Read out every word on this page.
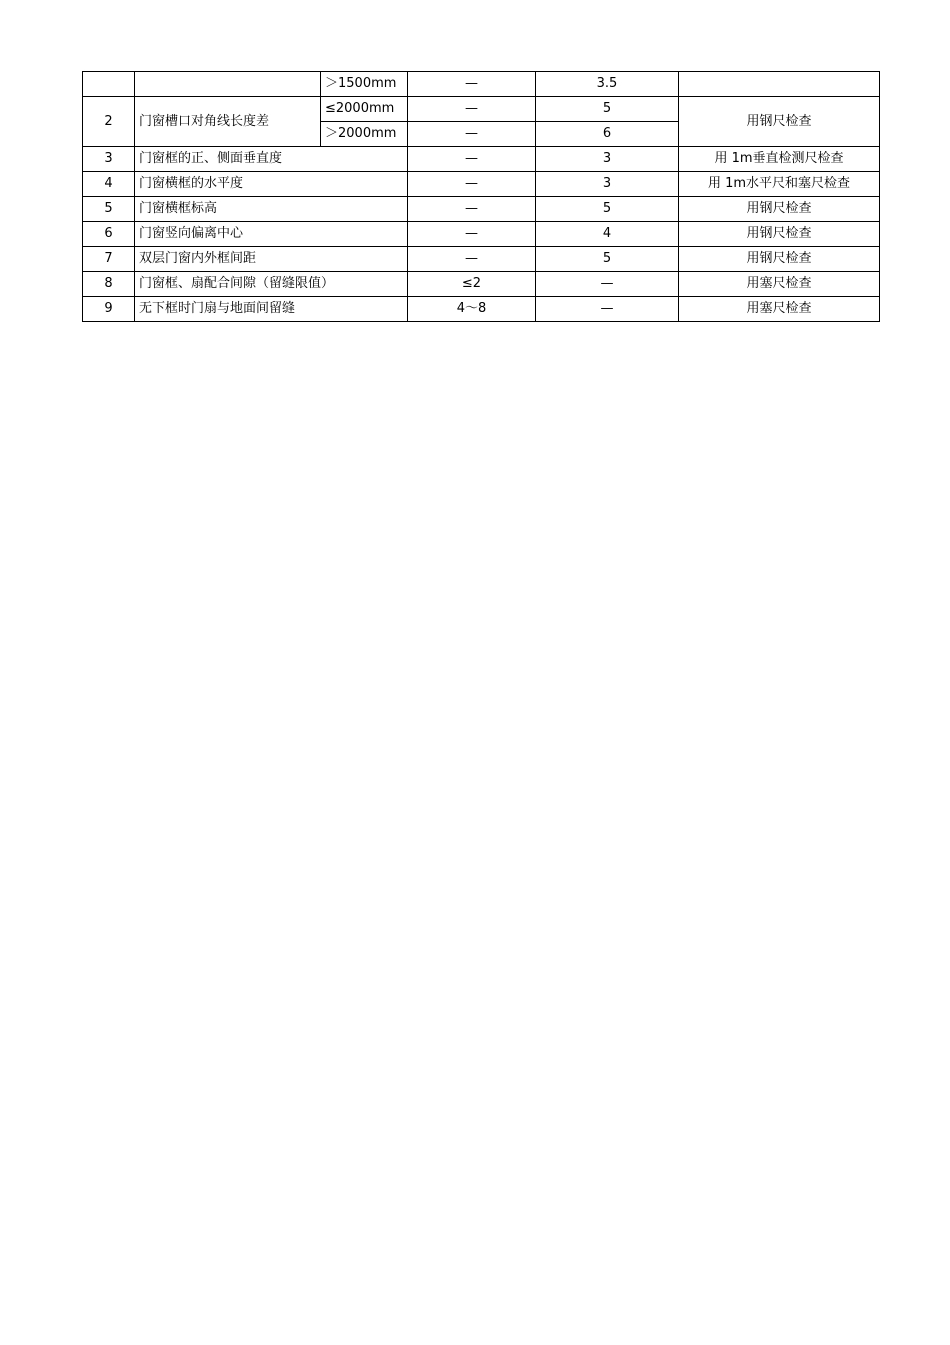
		＞1500mm	—	3.5	
2	门窗槽口对角线长度差	≤2000mm	—	5	用钢尺检查
		＞2000mm	—	6	
3	门窗框的正、侧面垂直度		—	3	用 1m垂直检测尺检查
4	门窗横框的水平度		—	3	用 1m水平尺和塞尺检查
5	门窗横框标高		—	5	用钢尺检查
6	门窗竖向偏离中心		—	4	用钢尺检查
7	双层门窗内外框间距		—	5	用钢尺检查
8	门窗框、扇配合间隙（留缝限值）		≤2	—	用塞尺检查
9	无下框时门扇与地面间留缝		4～8	—	用塞尺检查
